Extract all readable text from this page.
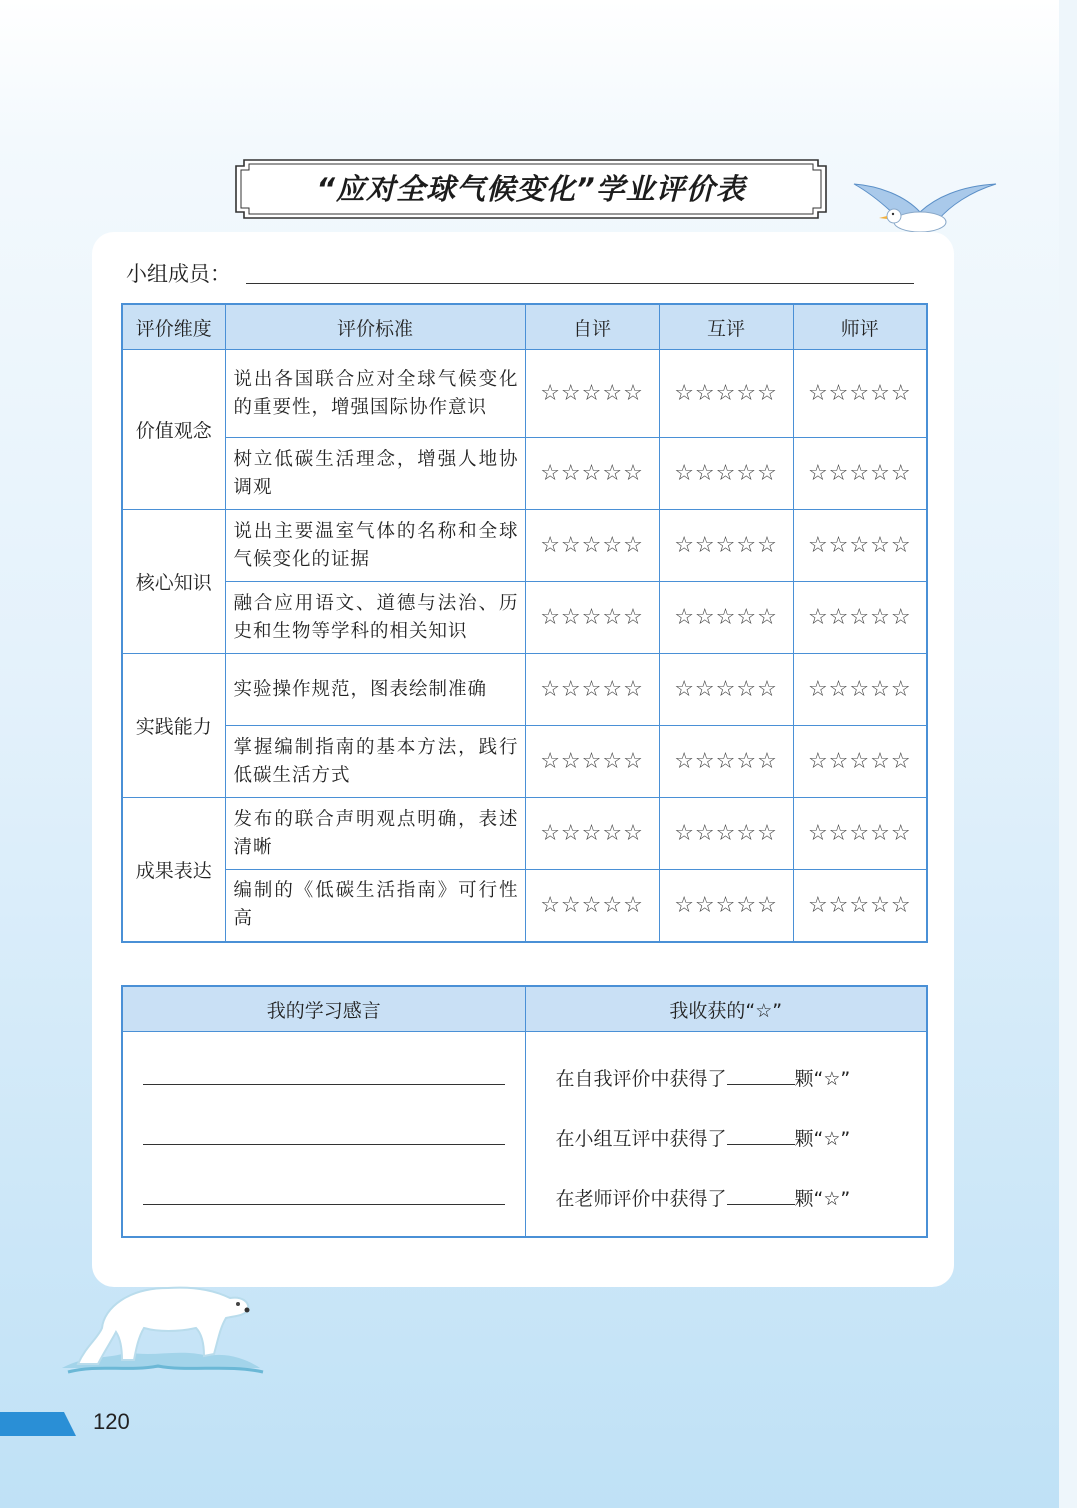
“应对全球气候变化”学业评价表
小组成员：
评价维度	评价标准	自评	互评	师评
价值观念	说出各国联合应对全球气候变化的重要性，增强国际协作意识	☆☆☆☆☆	☆☆☆☆☆	☆☆☆☆☆
	树立低碳生活理念，增强人地协调观	☆☆☆☆☆	☆☆☆☆☆	☆☆☆☆☆
核心知识	说出主要温室气体的名称和全球气候变化的证据	☆☆☆☆☆	☆☆☆☆☆	☆☆☆☆☆
	融合应用语文、道德与法治、历史和生物等学科的相关知识	☆☆☆☆☆	☆☆☆☆☆	☆☆☆☆☆
实践能力	实验操作规范，图表绘制准确	☆☆☆☆☆	☆☆☆☆☆	☆☆☆☆☆
	掌握编制指南的基本方法，践行低碳生活方式	☆☆☆☆☆	☆☆☆☆☆	☆☆☆☆☆
成果表达	发布的联合声明观点明确，表述清晰	☆☆☆☆☆	☆☆☆☆☆	☆☆☆☆☆
	编制的《低碳生活指南》可行性高	☆☆☆☆☆	☆☆☆☆☆	☆☆☆☆☆
我的学习感言	我收获的“☆”

	在自我评价中获得了 颗“☆”
在小组互评中获得了 颗“☆”
在老师评价中获得了 颗“☆”
120
